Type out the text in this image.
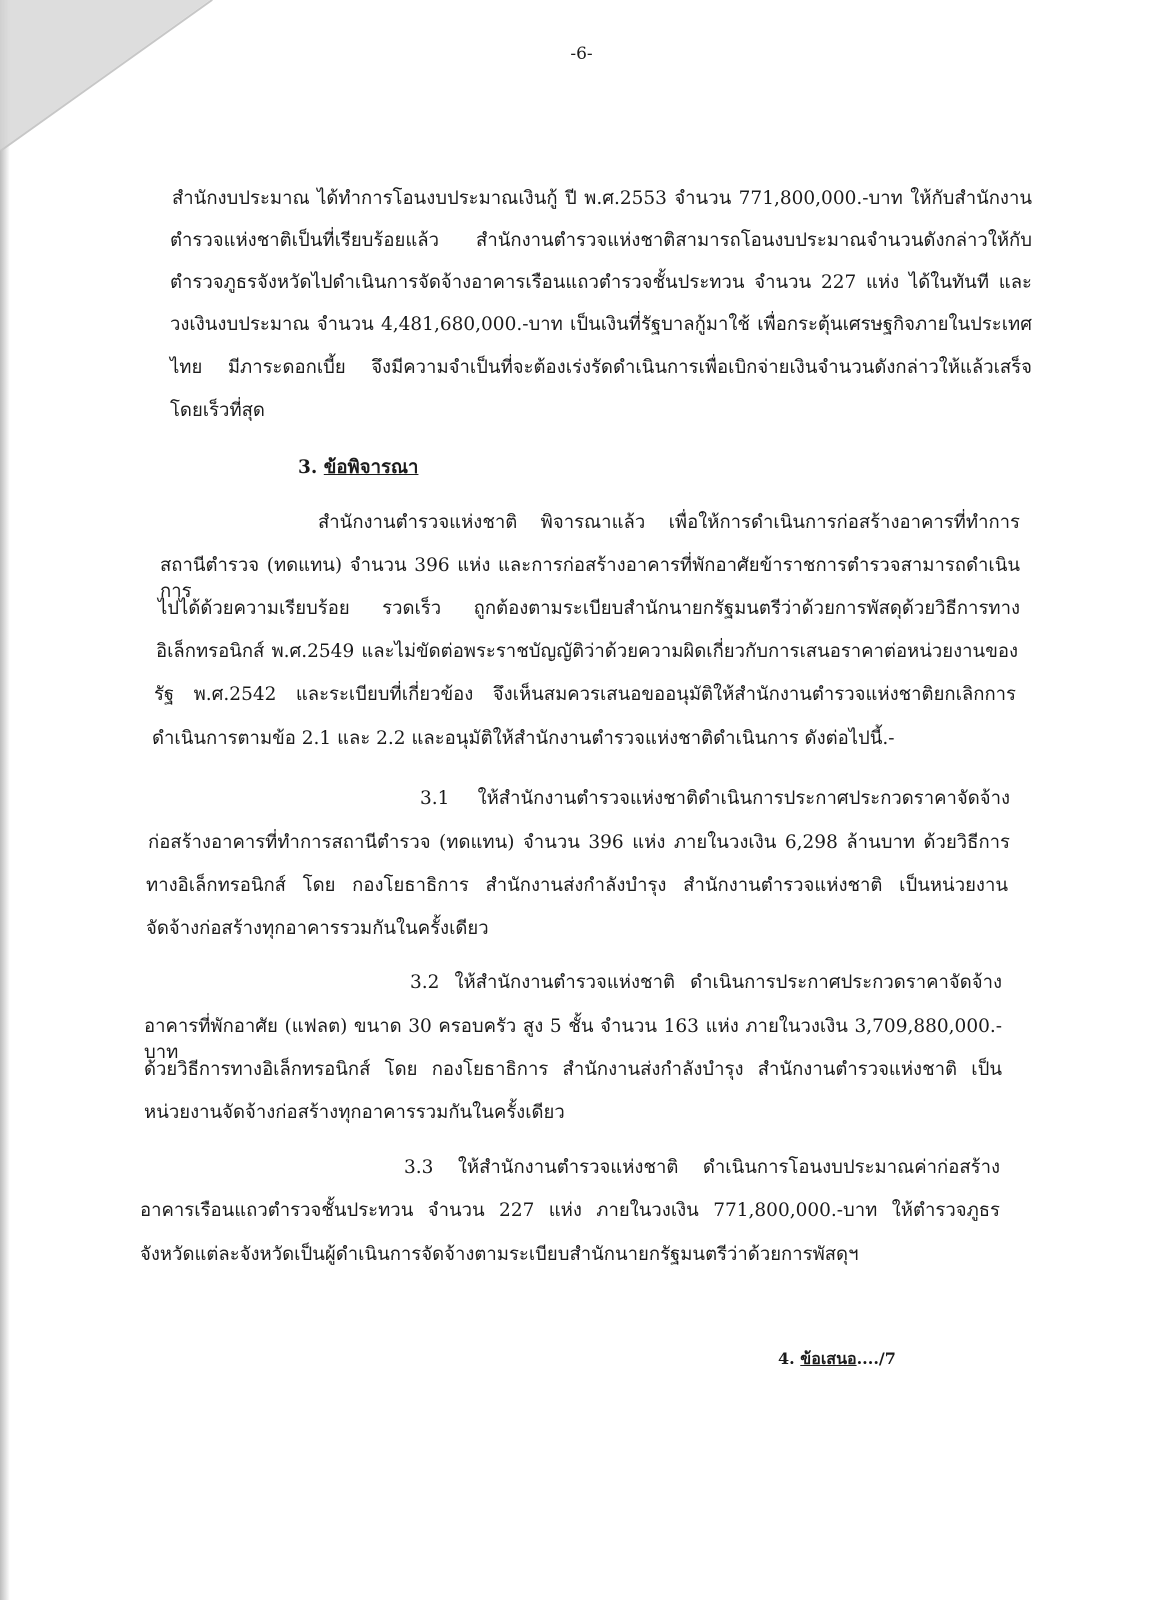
-6-
สำนักงบประมาณ ได้ทำการโอนงบประมาณเงินกู้ ปี พ.ศ.2553 จำนวน 771,800,000.-บาท ให้กับสำนักงาน
ตำรวจแห่งชาติเป็นที่เรียบร้อยแล้ว สำนักงานตำรวจแห่งชาติสามารถโอนงบประมาณจำนวนดังกล่าวให้กับ
ตำรวจภูธรจังหวัดไปดำเนินการจัดจ้างอาคารเรือนแถวตำรวจชั้นประทวน จำนวน 227 แห่ง ได้ในทันที และ
วงเงินงบประมาณ จำนวน 4,481,680,000.-บาท เป็นเงินที่รัฐบาลกู้มาใช้ เพื่อกระตุ้นเศรษฐกิจภายในประเทศ
ไทย มีภาระดอกเบี้ย จึงมีความจำเป็นที่จะต้องเร่งรัดดำเนินการเพื่อเบิกจ่ายเงินจำนวนดังกล่าวให้แล้วเสร็จ
โดยเร็วที่สุด
3. ข้อพิจารณา
สำนักงานตำรวจแห่งชาติ พิจารณาแล้ว เพื่อให้การดำเนินการก่อสร้างอาคารที่ทำการ
สถานีตำรวจ (ทดแทน) จำนวน 396 แห่ง และการก่อสร้างอาคารที่พักอาศัยข้าราชการตำรวจสามารถดำเนินการ
ไปได้ด้วยความเรียบร้อย รวดเร็ว ถูกต้องตามระเบียบสำนักนายกรัฐมนตรีว่าด้วยการพัสดุด้วยวิธีการทาง
อิเล็กทรอนิกส์ พ.ศ.2549 และไม่ขัดต่อพระราชบัญญัติว่าด้วยความผิดเกี่ยวกับการเสนอราคาต่อหน่วยงานของ
รัฐ พ.ศ.2542 และระเบียบที่เกี่ยวข้อง จึงเห็นสมควรเสนอขออนุมัติให้สำนักงานตำรวจแห่งชาติยกเลิกการ
ดำเนินการตามข้อ 2.1 และ 2.2 และอนุมัติให้สำนักงานตำรวจแห่งชาติดำเนินการ ดังต่อไปนี้.-
3.1 ให้สำนักงานตำรวจแห่งชาติดำเนินการประกาศประกวดราคาจัดจ้าง
ก่อสร้างอาคารที่ทำการสถานีตำรวจ (ทดแทน) จำนวน 396 แห่ง ภายในวงเงิน 6,298 ล้านบาท ด้วยวิธีการ
ทางอิเล็กทรอนิกส์ โดย กองโยธาธิการ สำนักงานส่งกำลังบำรุง สำนักงานตำรวจแห่งชาติ เป็นหน่วยงาน
จัดจ้างก่อสร้างทุกอาคารรวมกันในครั้งเดียว
3.2 ให้สำนักงานตำรวจแห่งชาติ ดำเนินการประกาศประกวดราคาจัดจ้าง
อาคารที่พักอาศัย (แฟลต) ขนาด 30 ครอบครัว สูง 5 ชั้น จำนวน 163 แห่ง ภายในวงเงิน 3,709,880,000.-บาท
ด้วยวิธีการทางอิเล็กทรอนิกส์ โดย กองโยธาธิการ สำนักงานส่งกำลังบำรุง สำนักงานตำรวจแห่งชาติ เป็น
หน่วยงานจัดจ้างก่อสร้างทุกอาคารรวมกันในครั้งเดียว
3.3 ให้สำนักงานตำรวจแห่งชาติ ดำเนินการโอนงบประมาณค่าก่อสร้าง
อาคารเรือนแถวตำรวจชั้นประทวน จำนวน 227 แห่ง ภายในวงเงิน 771,800,000.-บาท ให้ตำรวจภูธร
จังหวัดแต่ละจังหวัดเป็นผู้ดำเนินการจัดจ้างตามระเบียบสำนักนายกรัฐมนตรีว่าด้วยการพัสดุฯ
4. ข้อเสนอ..../7
